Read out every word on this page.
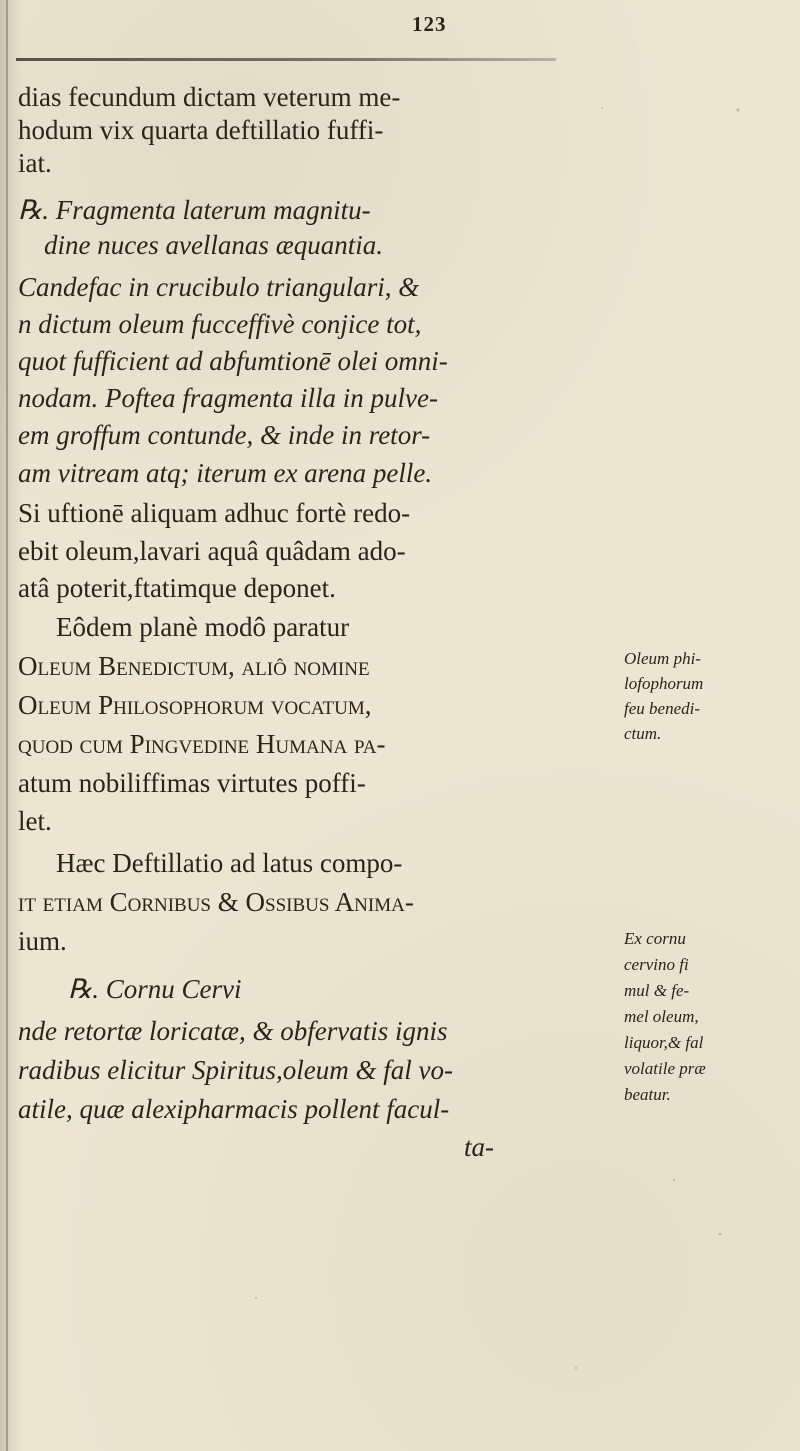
123
dias fecundum dictam veterum me-
hodum vix quarta deftillatio fuffi-
iat.
℞. Fragmenta laterum magnitu-
dine nuces avellanas æquantia.
Candefac in crucibulo triangulari, &
n dictum oleum fucceffivè conjice tot,
quot fufficient ad abfumtionē olei omni-
nodam. Poftea fragmenta illa in pulve-
em groffum contunde, & inde in retor-
am vitream atq; iterum ex arena pelle.
Si uftionē aliquam adhuc fortè redo-
ebit oleum,lavari aquâ quâdam ado-
atâ poterit,ftatimque deponet.
Eôdem planè modô paratur
Oleum Benedictum, aliô nomine
Oleum Philosophorum vocatum,
quod cum Pingvedine Humana pa-
atum nobiliffimas virtutes poffi-
let.
Hæc Deftillatio ad latus compo-
it etiam Cornibus & Ossibus Anima-
ium.
℞. Cornu Cervi
nde retortæ loricatæ, & obfervatis ignis
radibus elicitur Spiritus,oleum & fal vo-
atile, quæ alexipharmacis pollent facul-
ta-
Oleum phi-
lofophorum
feu benedi-
ctum.
Ex cornu
cervino fi
mul & fe-
mel oleum,
liquor,& fal
volatile præ
beatur.
